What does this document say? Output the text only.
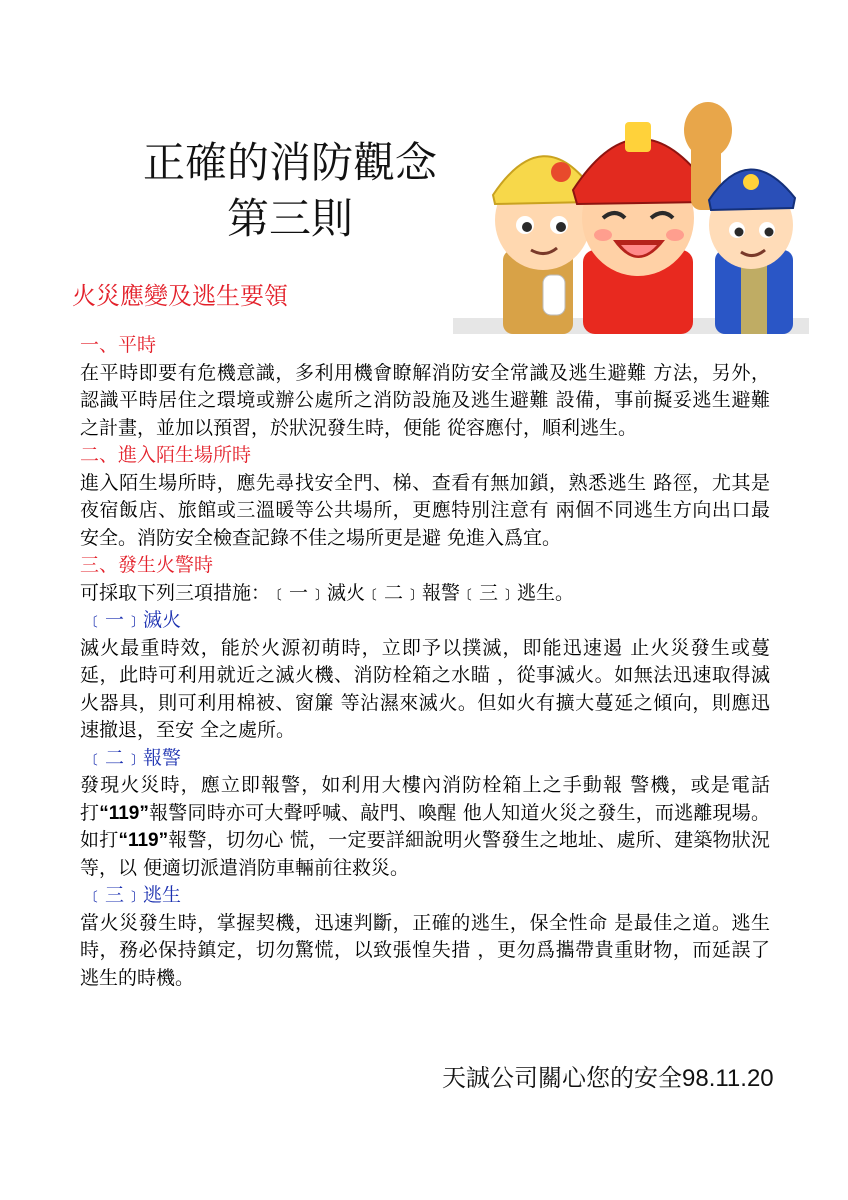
正確的消防觀念
第三則
火災應變及逃生要領

一、平時

在平時即要有危機意識，多利用機會瞭解消防安全常識及逃生避難 方法，另外，認識平時居住之環境或辦公處所之消防設施及逃生避難 設備，事前擬妥逃生避難之計畫，並加以預習，於狀況發生時，便能 從容應付，順利逃生。

二、進入陌生場所時

進入陌生場所時，應先尋找安全門、梯、查看有無加鎖，熟悉逃生 路徑，尤其是夜宿飯店、旅館或三溫暖等公共場所，更應特別注意有 兩個不同逃生方向出口最安全。消防安全檢查記錄不佳之場所更是避 免進入爲宜。

三、發生火警時

可採取下列三項措施：﹝一﹞滅火﹝二﹞報警﹝三﹞逃生。

﹝一﹞滅火

滅火最重時效，能於火源初萌時，立即予以撲滅，即能迅速遏 止火災發生或蔓延，此時可利用就近之滅火機、消防栓箱之水瞄 ，從事滅火。如無法迅速取得滅火器具，則可利用棉被、窗簾 等沾濕來滅火。但如火有擴大蔓延之傾向，則應迅速撤退，至安 全之處所。

﹝二﹞報警

發現火災時，應立即報警，如利用大樓內消防栓箱上之手動報 警機，或是電話打“119”報警同時亦可大聲呼喊、敲門、喚醒 他人知道火災之發生，而逃離現場。如打“119”報警，切勿心 慌，一定要詳細說明火警發生之地址、處所、建築物狀況等，以 便適切派遣消防車輛前往救災。

﹝三﹞逃生

當火災發生時，掌握契機，迅速判斷，正確的逃生，保全性命 是最佳之道。逃生時，務必保持鎮定，切勿驚慌，以致張惶失措 ，更勿爲攜帶貴重財物，而延誤了逃生的時機。

天誠公司關心您的安全98.11.20
